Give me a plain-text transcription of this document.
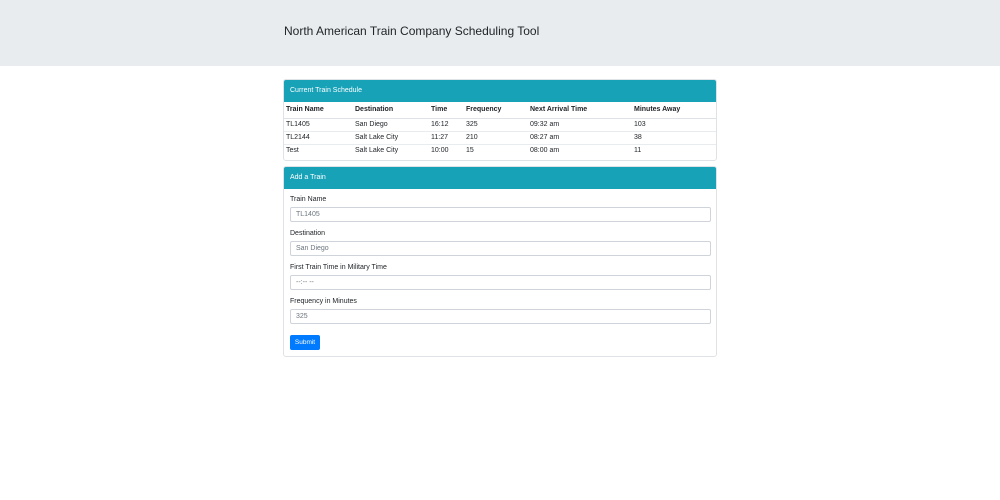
North American Train Company Scheduling Tool
Current Train Schedule
Train Name	Destination	Time	Frequency	Next Arrival Time	Minutes Away
TL1405	San Diego	16:12	325	09:32 am	103
TL2144	Salt Lake City	11:27	210	08:27 am	38
Test	Salt Lake City	10:00	15	08:00 am	11
Add a Train
Train Name
TL1405
Destination
San Diego
First Train Time in Military Time
--:-- --
Frequency in Minutes
325
Submit
